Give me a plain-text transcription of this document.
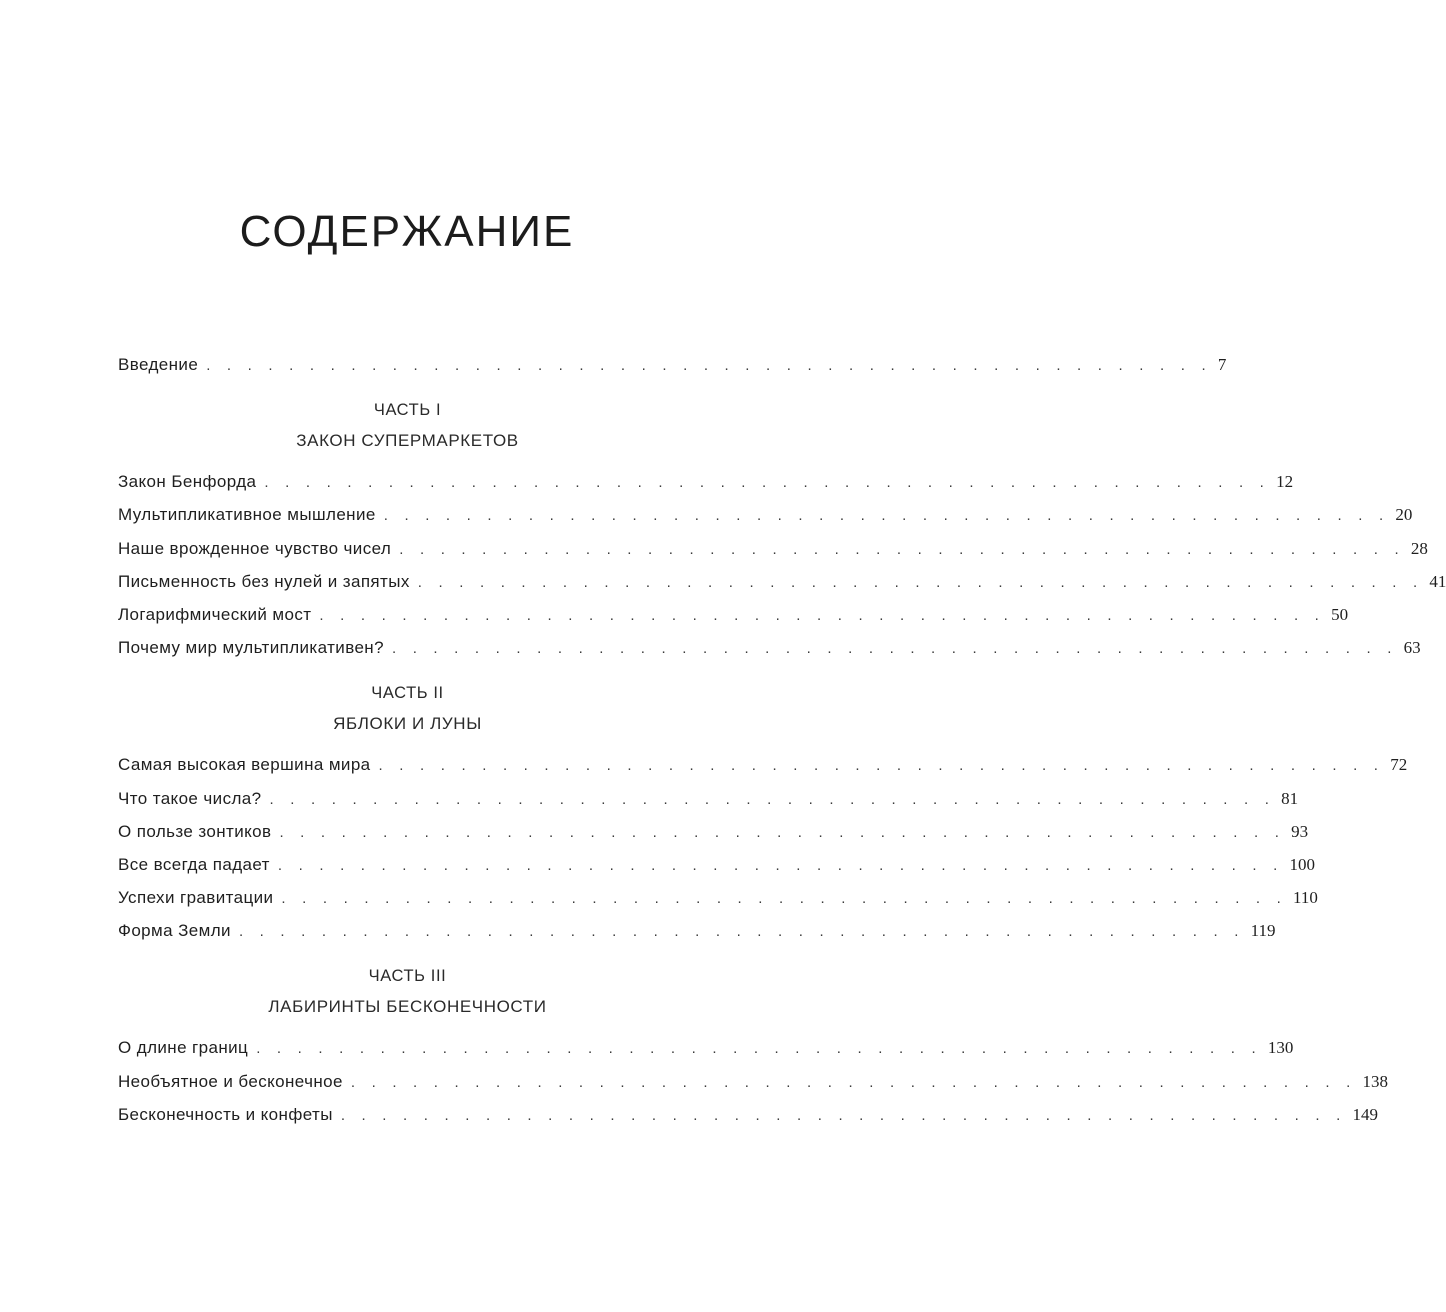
СОДЕРЖАНИЕ
Введение . . . . . . . . . . . . . . . . . . . . . . . . . . . . . . . . . . . . . . . . . . . . . . . . . 7
ЧАСТЬ I
ЗАКОН СУПЕРМАРКЕТОВ
Закон Бенфорда . . . . . . . . . . . . . . . . . . . . . . . . . . . . . . . . . . . . . . . . . . . . . . . . . 12
Мультипликативное мышление . . . . . . . . . . . . . . . . . . . . . . . . . . . . . . . . . . . . . . . . . . . . . . . . . 20
Наше врожденное чувство чисел . . . . . . . . . . . . . . . . . . . . . . . . . . . . . . . . . . . . . . . . . . . . . . . . . 28
Письменность без нулей и запятых . . . . . . . . . . . . . . . . . . . . . . . . . . . . . . . . . . . . . . . . . . . . . . . . . 41
Логарифмический мост . . . . . . . . . . . . . . . . . . . . . . . . . . . . . . . . . . . . . . . . . . . . . . . . . 50
Почему мир мультипликативен? . . . . . . . . . . . . . . . . . . . . . . . . . . . . . . . . . . . . . . . . . . . . . . . . . 63
ЧАСТЬ II
ЯБЛОКИ И ЛУНЫ
Самая высокая вершина мира . . . . . . . . . . . . . . . . . . . . . . . . . . . . . . . . . . . . . . . . . . . . . . . . . 72
Что такое числа? . . . . . . . . . . . . . . . . . . . . . . . . . . . . . . . . . . . . . . . . . . . . . . . . . 81
О пользе зонтиков . . . . . . . . . . . . . . . . . . . . . . . . . . . . . . . . . . . . . . . . . . . . . . . . . 93
Все всегда падает . . . . . . . . . . . . . . . . . . . . . . . . . . . . . . . . . . . . . . . . . . . . . . . . . 100
Успехи гравитации . . . . . . . . . . . . . . . . . . . . . . . . . . . . . . . . . . . . . . . . . . . . . . . . . 110
Форма Земли . . . . . . . . . . . . . . . . . . . . . . . . . . . . . . . . . . . . . . . . . . . . . . . . . 119
ЧАСТЬ III
ЛАБИРИНТЫ БЕСКОНЕЧНОСТИ
О длине границ . . . . . . . . . . . . . . . . . . . . . . . . . . . . . . . . . . . . . . . . . . . . . . . . . 130
Необъятное и бесконечное . . . . . . . . . . . . . . . . . . . . . . . . . . . . . . . . . . . . . . . . . . . . . . . . . 138
Бесконечность и конфеты . . . . . . . . . . . . . . . . . . . . . . . . . . . . . . . . . . . . . . . . . . . . . . . . . 149
